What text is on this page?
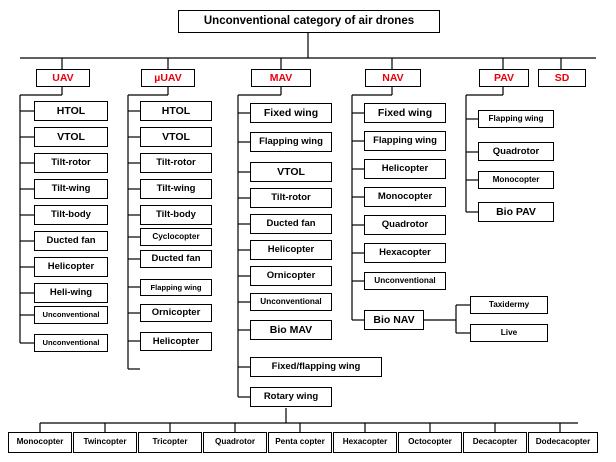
Unconventional category of air drones
UAV	µUAV	MAV	NAV	PAV	SD
HTOL
VTOL
Tilt-rotor
Tilt-wing
Tilt-body
Ducted fan
Helicopter
Heli-wing
Unconventional
Unconventional
HTOL
VTOL
Tilt-rotor
Tilt-wing
Tilt-body
Cyclocopter
Ducted fan
Flapping wing
Ornicopter
Helicopter
Fixed wing
Flapping wing
VTOL
Tilt-rotor
Ducted fan
Helicopter
Ornicopter
Unconventional
Bio MAV
Fixed/flapping wing
Rotary wing
Fixed wing
Flapping wing
Helicopter
Monocopter
Quadrotor
Hexacopter
Unconventional
Bio NAV
Taxidermy
Live
Flapping wing
Quadrotor
Monocopter
Bio PAV
Monocopter	Twincopter	Tricopter	Quadrotor	Penta copter	Hexacopter	Octocopter	Decacopter	Dodecacopter
